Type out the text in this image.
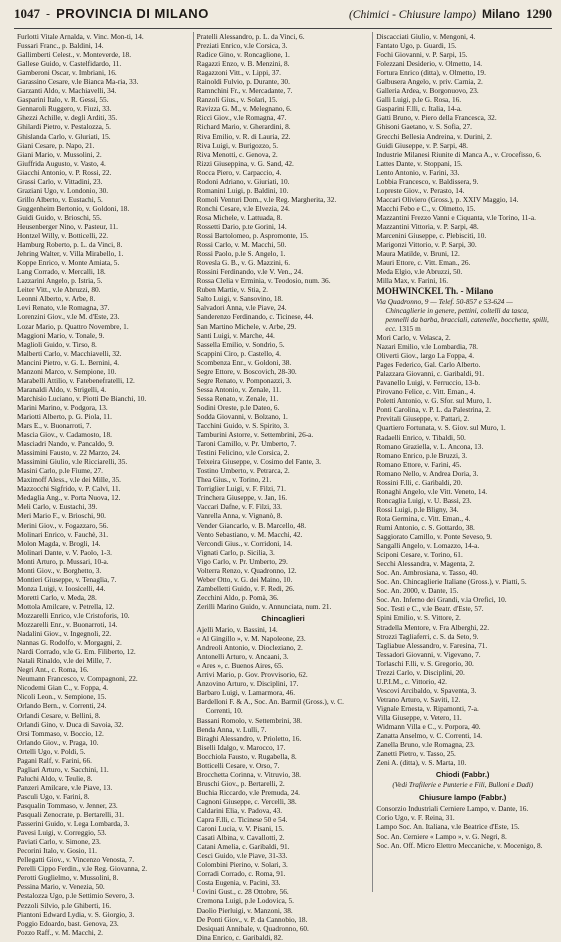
1047 - PROVINCIA DI MILANO	(Chimici - Chiusure lampo) Milano 1290
Furlotti Vitale Arnalda, v. Vinc. Mon-ti, 14.
Fussari Franc., p. Baldini, 14.
Gallimberti Celest., v. Monteverde, 18.
Gallese Guido, v. Castelfidardo, 11.
Gamberoni Oscar, v. Imbriani, 16.
Garassino Cesare, v.le Bianca Ma-ria, 33.
Garzanti Aldo, v. Machiavelli, 34.
Gasparini Italo, v. R. Gessi, 55.
Gennaroli Ruggero, v. Fiuzi, 33.
Ghezzi Achille, v. degli Arditi, 35.
Ghilardi Pietro, v. Pestalozza, 5.
Ghislanda Carlo, v. Gluriati, 15.
Giani Cesare, p. Napo, 21.
Giani Mario, v. Mussolini, 2.
Giuffrida Augusto, v. Vasto, 4.
Giacchi Antonio, v. P. Rossi, 22.
Grassi Carlo, v. Vittadini, 23.
Graziani Ugo, v. Londonio, 30.
Grillo Alberto, v. Eustachi, 5.
Guggenheim Bertonio, v. Goldoni, 18.
Guidi Guido, v. Brioschi, 55.
Heusenberger Nino, v. Pasteur, 11.
Hontzel Willy, v. Botticelli, 22.
Hamburg Roberto, p. L. da Vinci, 8.
Jehring Walter, v. Villa Mirabello, 1.
Koppe Enrico, v. Monte Amiata, 5.
Lang Corrado, v. Mercalli, 18.
Lazzarini Angelo, p. Istria, 5.
Leiter Vitt., v.le Abruzzi, 80.
Leonni Alberto, v. Arbe, 8.
Levi Renato, v.le Romagna, 37.
Lorenzini Giov., v.le M. d'Este, 23.
Lozar Mario, p. Quattro Novembre, 1.
Maggioni Mario, v. Tonale, 9.
Maglioli Guido, v. Tirso, 8.
Malberti Carlo, v. Macchiavelli, 32.
Mancini Pietro, v. G. L. Bernini, 4.
Manzoni Marco, v. Sempione, 10.
Marabelli Attilio, v. Fatebenefratelli, 12.
Maranaldi Aldo, v. Strigelli, 4.
Marchisio Luciano, v. Piotti De Bianchi, 10.
Marini Marino, v. Podgora, 13.
Mariotti Alberto, p. G. Piola, 11.
Mars E., v. Buonarroti, 7.
Mascia Giov., v. Cadamosto, 18.
Masciadri Nando, v. Pancaldo, 9.
Massimini Fausto, v. 22 Marzo, 24.
Massimini Giulio, v.le Ricciarelli, 35.
Masini Carlo, p.le Fiume, 27.
Maximoff Aless., v.le dei Mille, 35.
Mazzocchi Sigfrido, v. P. Calvi, 11.
Medaglia Ang., v. Porta Nuova, 12.
Meli Carlo, v. Eustachi, 39.
Meri Mario F., v. Brioschi, 90.
Merini Giov., v. Fogazzaro, 56.
Molinari Enrico, v. Fauchè, 31.
Molon Magda, v. Brogli, 14.
Molinari Dante, v. V. Paolo, 1-3.
Monti Arturo, p. Mussari, 10-a.
Monti Giov., v. Borghetto, 3.
Montieri Giuseppe, v. Tenaglia, 7.
Monza Luigi, v. Ioosicelli, 44.
Moretti Carlo, v. Meda, 28.
Mottola Amilcare, v. Petrella, 12.
Mozzarelli Enrico, v.le Cristoforis, 10.
Mozzarelli Enr., v. Buonarroti, 14.
Nadalini Giov., v. Ingegnoli, 22.
Nannas G. Rodolfo, v. Morgagni, 2.
Nardi Corrado, v.le G. Em. Filiberto, 12.
Natali Rinaldo, v.le dei Mille, 7.
Negri Ant., c. Roma, 16.
Neumann Francesco, v. Compagnoni, 22.
Nicodemi Gian C., v. Foppa, 4.
Nicoli Leon., v. Sempione, 15.
Orlando Bern., v. Correnti, 24.
Orlandi Cesare, v. Bellini, 8.
Orlandi Gino, v. Duca di Savoia, 32.
Orsi Tommaso, v. Boccio, 12.
Orlando Giov., v. Praga, 10.
Ortelli Ugo, v. Poldi, 5.
Pagani Ralf, v. Farini, 66.
Pagliari Arturo, v. Sacchini, 11.
Paluchi Aldo, v. Teulie, 8.
Panzeri Amilcare, v.le Piave, 13.
Pasculi Ugo, v. Farini, 8.
Pasqualin Tommaso, v. Jenner, 23.
Pasquali Zenocrate, p. Bertarelli, 31.
Passerini Guido, v. Lega Lombarda, 3.
Pavesi Luigi, v. Correggio, 53.
Paviati Carlo, v. Simone, 23.
Pecorini Italo, v. Gosio, 11.
Pellegatti Giov., v. Vincenzo Venosta, 7.
Perelli Cippo Ferdin., v.le Reg. Giovanna, 2.
Perotti Guglielmo, v. Mussolini, 8.
Pessina Mario, v. Venezia, 50.
Pestalozza Ugo, p.le Settimio Severo, 3.
Pezzoli Silvio, p.le Ghiberti, 16.
Piantoni Edward Lydia, v. S. Giorgio, 3.
Poggio Edoardo, bast. Genova, 23.
Pozzo Raff., v. M. Macchi, 2.
Pratelli Alessandro, p. L. da Vinci, 6.
Preziati Enrico, v.le Corsica, 3.
Radice Gino, v. Roncaglione, 1.
Ragazzi Enzo, v. B. Menzini, 8.
Ragazzoni Vitt., v. Lippi, 37.
Rainoldi Fulvio, p. Durante, 30.
Ramnchini Fr., v. Mercadante, 7.
Ranzoli Gius., v. Solari, 15.
Ravizza G. M., v. Melegnano, 6.
Ricci Giov., v.le Romagna, 47.
Richard Mario, v. Gherardini, 8.
Riva Emilio, v. R. di Lauria, 22.
Riva Luigi, v. Burigozzo, 5.
Riva Menotti, c. Genova, 2.
Rizzi Giuseppina, v. G. Sand, 42.
Rocca Piero, v. Carpaccio, 4.
Rodoni Adriano, v. Giuriati, 10.
Romanini Luigi, p. Baldini, 10.
Romoli Venturi Dom., v.le Reg. Margherita, 32.
Ronchi Cesare, v.le Elvezia, 24.
Rosa Michele, v. Lattuada, 8.
Rossetti Dario, p.te Gorini, 14.
Rossi Bartolomeo, p. Aspromonte, 15.
Rossi Carlo, v. M. Macchi, 50.
Rossi Paolo, p.le S. Angelo, 1.
Rovesla G. B., v. G. Mazzini, 6.
Rossini Ferdinando, v.le V. Ven., 24.
Rossa Clelia v Erminia, v. Teodosio, num. 36.
Ruben Martie, v. Stia, 2.
Salto Luigi, v. Sansovino, 18.
Salvadori Anna, v.le Piave, 24.
Sanderenzo Ferdinando, c. Ticinese, 44.
San Martino Michele, v. Arbe, 29.
Santi Luigi, v. Marche, 44.
Sassella Emilio, v. Sondrio, 5.
Scappini Ciro, p. Castello, 4.
Scombenza Enr., v. Goldoni, 38.
Segre Ettore, v. Boscovich, 28-30.
Segre Renato, v. Pomponazzi, 3.
Sessa Antonio, v. Zenale, 11.
Sessa Renato, v. Zenale, 11.
Sodini Oreste, p.le Dateo, 6.
Sodda Giovanni, v. Bolzano, 1.
Tacchini Guido, v. S. Spirito, 3.
Tamburini Astorre, v. Settembrini, 26-a.
Taroni Camillo, v. Pr. Umberto, 7.
Testini Felicino, v.le Corsica, 2.
Teixeira Giuseppe, v. Cosimo del Fante, 3.
Tostino Umberto, v. Petrarca, 2.
Thea Gius., v. Torino, 21.
Torriglier Luigi, v. F. Filzi, 71.
Trinchera Giuseppe, v. Jan, 16.
Vaccari Dafne, v. F. Filzi, 33.
Vanrella Anna, v. Vignanò, 8.
Vender Giancarlo, v. B. Marcello, 48.
Vento Sebastiano, v. M. Macchi, 42.
Vercondi Gius., v. Corridoni, 14.
Vignati Carlo, p. Sicilia, 3.
Vigo Carlo, v. Pr. Umberto, 29.
Volterra Renzo, v. Quadronno, 12.
Weber Otto, v. G. dei Maino, 10.
Zambelletti Guido, v. F. Redi, 26.
Zecchini Aldo, p. Pomà, 36.
Zerilli Marino Guido, v. Annunciata, num. 21.
Chincaglieri
Ajelli Mario, v. Bassini, 14.
« Al Gingillo », v. M. Napoleone, 23.
Andreoli Antonio, v. Diocleziano, 2.
Antonelli Arturo, v. Ancaani, 3.
« Ares », c. Buenos Aires, 65.
Arrivi Mario, p. Gov. Provvisorio, 62.
Anzovino Arturo, v. Disciplini, 17.
Barbaro Luigi, v. Lamarmora, 46.
Bardelloni F. & A., Soc. An. Barmil (Gross.), v. C. Correnti, 10.
Bassani Romolo, v. Settembrini, 38.
Benda Anna, v. Lulli, 7.
Biraghi Alessandro, v. Prioletto, 16.
Biselli Idalgo, v. Marocco, 17.
Bocchiola Fausto, v. Rugabella, 8.
Botticelli Cesare, v. Orso, 7.
Brocchetta Corinna, v. Vitruvio, 38.
Bruschi Giov., p. Bertarelli, 2.
Buchia Riccardo, v.le Premuda, 24.
Cagnoni Giuseppe, c. Vercelli, 38.
Caldarini Elia, v. Padova, 43.
Capra F.lli, c. Ticinese 50 e 54.
Caroni Lucia, v. V. Pisani, 15.
Casati Albina, v. Cavallotti, 2.
Catani Amelia, c. Garibaldi, 91.
Cesci Guido, v.le Piave, 31-33.
Colombini Pierino, v. Solari, 3.
Corradi Corrado, c. Roma, 91.
Costa Eugenia, v. Pacini, 33.
Covini Gust., c. 28 Ottobre, 56.
Cremona Luigi, p.le Lodovica, 5.
Daolio Pierluigi, v. Manzoni, 38.
De Ponti Giov., v. P. da Cannobio, 18.
Desiquati Annibale, v. Quadronno, 60.
Dina Enrico, c. Garibaldi, 82.
Discacciati Giulio, v. Mengoni, 4.
Fantato Ugo, p. Guardi, 15.
Fochi Giovanni, v. P. Sarpi, 15.
Folezzani Desiderio, v. Olmetto, 14.
Fortura Enrico (ditta), v. Olmetto, 19.
Galbusera Angelo, v. priv. Carnia, 2.
Galleria Ardea, v. Borgonuovo, 23.
Galli Luigi, p.le G. Rosa, 16.
Gasparini F.lli, c. Italia, 14-a.
Gatti Bruno, v. Piero della Francesca, 32.
Ghisoni Gaetano, v. S. Sofia, 27.
Grecchi Bellesia Andreina, v. Durini, 2.
Guidi Giuseppe, v. P. Sarpi, 48.
Industrie Milanesi Riunite di Manca A., v. Crocefisso, 6.
Lattes Dante, v. Stoppani, 15.
Lento Antonio, v. Farini, 33.
Lobbia Francesco, v. Baldissera, 9.
Lopreste Giov., v. Perasto, 14.
Maccari Oliviero (Gross.), p. XXIV Maggio, 14.
Macchi Febo e C., v. Olmetto, 15.
Mazzantini Frezzo Vanni e Ciquanta, v.le Torino, 11-a.
Mazzantini Vittoria, v. P. Sarpi, 48.
Marcenini Giuseppe, c. Plebiscitì, 10.
Marigonzi Vittorio, v. P. Sarpi, 30.
Maura Matilde, v. Bruni, 12.
Mauri Ettore, c. Vitt. Eman., 26.
Meda Elgio, v.le Abruzzi, 50.
Milla Max, v. Farini, 16.
MOHWINCKEL Th. - Milano
Via Quadronno, 9 — Telef. 50-857 e 53-624 — Chincaglierie in genere, pettini, coltelli da tasca, pennelli da barba, bracciali, catenelle, bocchette, spilli, ecc. 1315 m
Mori Carlo, v. Velasca, 2.
Nazari Emilio, v.le Lombardia, 78.
Oliverti Giov., largo La Foppa, 4.
Pages Federico, Gal. Carlo Alberto.
Palazzara Giovanni, c. Garibaldi, 91.
Pavanello Luigi, v. Ferruccio, 13-b.
Pirovano Felice, c. Vitt. Eman., 4.
Poletti Antonio, v. G. Sfor. sul Muro, 1.
Ponti Carolina, v. P. L. da Palestrina, 2.
Previtali Giuseppe, v. Pattari, 2.
Quartiero Fortunata, v. S. Giov. sul Muro, 1.
Radaelli Enrico, v. Tibaldi, 50.
Romano Graziella, v. L. Ancona, 13.
Romano Enrico, p.le Bruzzi, 3.
Romano Ettore, v. Farini, 45.
Romano Nello, v. Andrea Doria, 3.
Rossini F.lli, c. Garibaldi, 20.
Ronaghi Angelo, v.le Vitt. Veneto, 14.
Roncaglia Luigi, v. U. Bassi, 23.
Rossi Luigi, p.le Bligny, 34.
Rota Germina, c. Vitt. Eman., 4.
Rumi Antonio, c. S. Gottardo, 38.
Saggiorato Camillo, v. Ponte Seveso, 9.
Sangalli Angelo, v. Lomazzo, 14-a.
Sciponi Cesare, v. Torino, 61.
Secchi Alessandra, v. Magenta, 2.
Soc. An. Ambrosiana, v. Tasso, 40.
Soc. An. Chincaglierie Italiane (Gross.), v. Piatti, 5.
Soc. An. 2000, v. Dante, 15.
Soc. An. Inferno dei Grandi, v.ia Orefici, 10.
Soc. Testi e C., v.le Beatr. d'Este, 57.
Spini Emilio, v. S. Vittore, 2.
Stradella Mentore, v. Fra Alberghi, 22.
Strozzi Tagliaferri, c. S. da Seto, 9.
Tagliabue Alessandro, v. Faresina, 71.
Tessadori Giovanni, v. Vigevano, 7.
Torlaschi F.lli, v. S. Gregorio, 30.
Trezzi Carlo, v. Disciplini, 20.
U.P.I.M., c. Vittorio, 42.
Vescovi Arcibaldo, v. Spaventa, 3.
Vetrano Arturo, v. Saviti, 12.
Vignale Ernesta, v. Ripamonti, 7-a.
Villa Giuseppe, v. Vetero, 11.
Widmann Villa e C., v. Porpora, 40.
Zanatta Anselmo, v. C. Correnti, 14.
Zanella Bruno, v.le Romagna, 23.
Zanetti Pietro, v. Tasso, 25.
Zeni A. (ditta), v. S. Marta, 10.
Chiodi (Fabbr.)
(Vedi Trafilerie e Punterie e Fili, Bulloni e Dadi)
Chiusure lampo (Fabbr.)
Consorzio Industriali Cerniere Lampo, v. Dante, 16.
Corio Ugo, v. F. Reina, 31.
Lampo Soc. An. Italiana, v.le Beatrice d'Este, 15.
Soc. An. Cerniere « Lampo », v. G. Negri, 8.
Soc. An. Off. Micro Elettro Meccaniche, v. Mocenigo, 8.
